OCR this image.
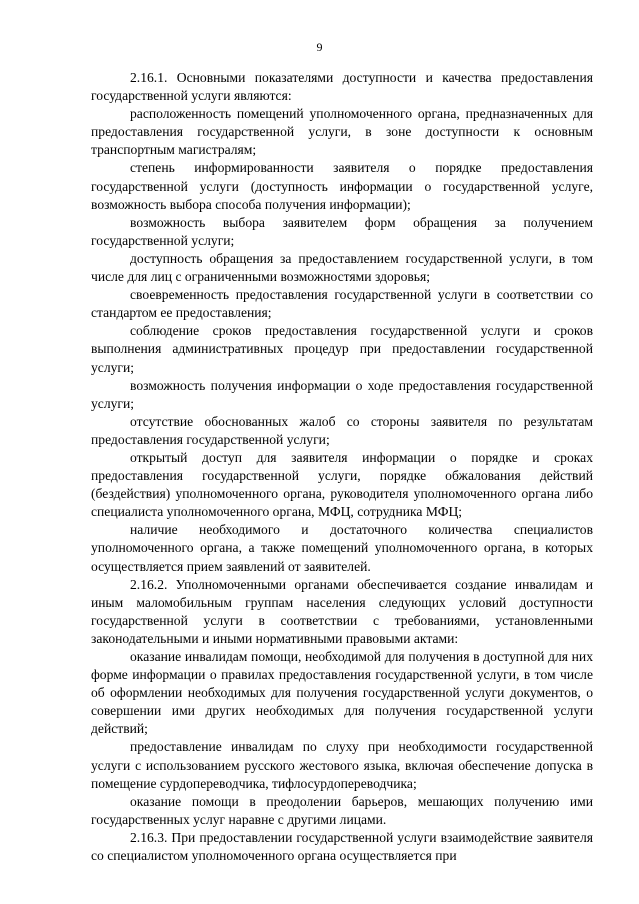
9

2.16.1. Основными показателями доступности и качества предоставления государственной услуги являются:

расположенность помещений уполномоченного органа, предназначенных для предоставления государственной услуги, в зоне доступности к основным транспортным магистралям;

степень информированности заявителя о порядке предоставления государственной услуги (доступность информации о государственной услуге, возможность выбора способа получения информации);

возможность выбора заявителем форм обращения за получением государственной услуги;

доступность обращения за предоставлением государственной услуги, в том числе для лиц с ограниченными возможностями здоровья;

своевременность предоставления государственной услуги в соответствии со стандартом ее предоставления;

соблюдение сроков предоставления государственной услуги и сроков выполнения административных процедур при предоставлении государственной услуги;

возможность получения информации о ходе предоставления государственной услуги;

отсутствие обоснованных жалоб со стороны заявителя по результатам предоставления государственной услуги;

открытый доступ для заявителя информации о порядке и сроках предоставления государственной услуги, порядке обжалования действий (бездействия) уполномоченного органа, руководителя уполномоченного органа либо специалиста уполномоченного органа, МФЦ, сотрудника МФЦ;

наличие необходимого и достаточного количества специалистов уполномоченного органа, а также помещений уполномоченного органа, в которых осуществляется прием заявлений от заявителей.

2.16.2. Уполномоченными органами обеспечивается создание инвалидам и иным маломобильным группам населения следующих условий доступности государственной услуги в соответствии с требованиями, установленными законодательными и иными нормативными правовыми актами:

оказание инвалидам помощи, необходимой для получения в доступной для них форме информации о правилах предоставления государственной услуги, в том числе об оформлении необходимых для получения государственной услуги документов, о совершении ими других необходимых для получения государственной услуги действий;

предоставление инвалидам по слуху при необходимости государственной услуги с использованием русского жестового языка, включая обеспечение допуска в помещение сурдопереводчика, тифлосурдопереводчика;

оказание помощи в преодолении барьеров, мешающих получению ими государственных услуг наравне с другими лицами.

2.16.3. При предоставлении государственной услуги взаимодействие заявителя со специалистом уполномоченного органа осуществляется при
